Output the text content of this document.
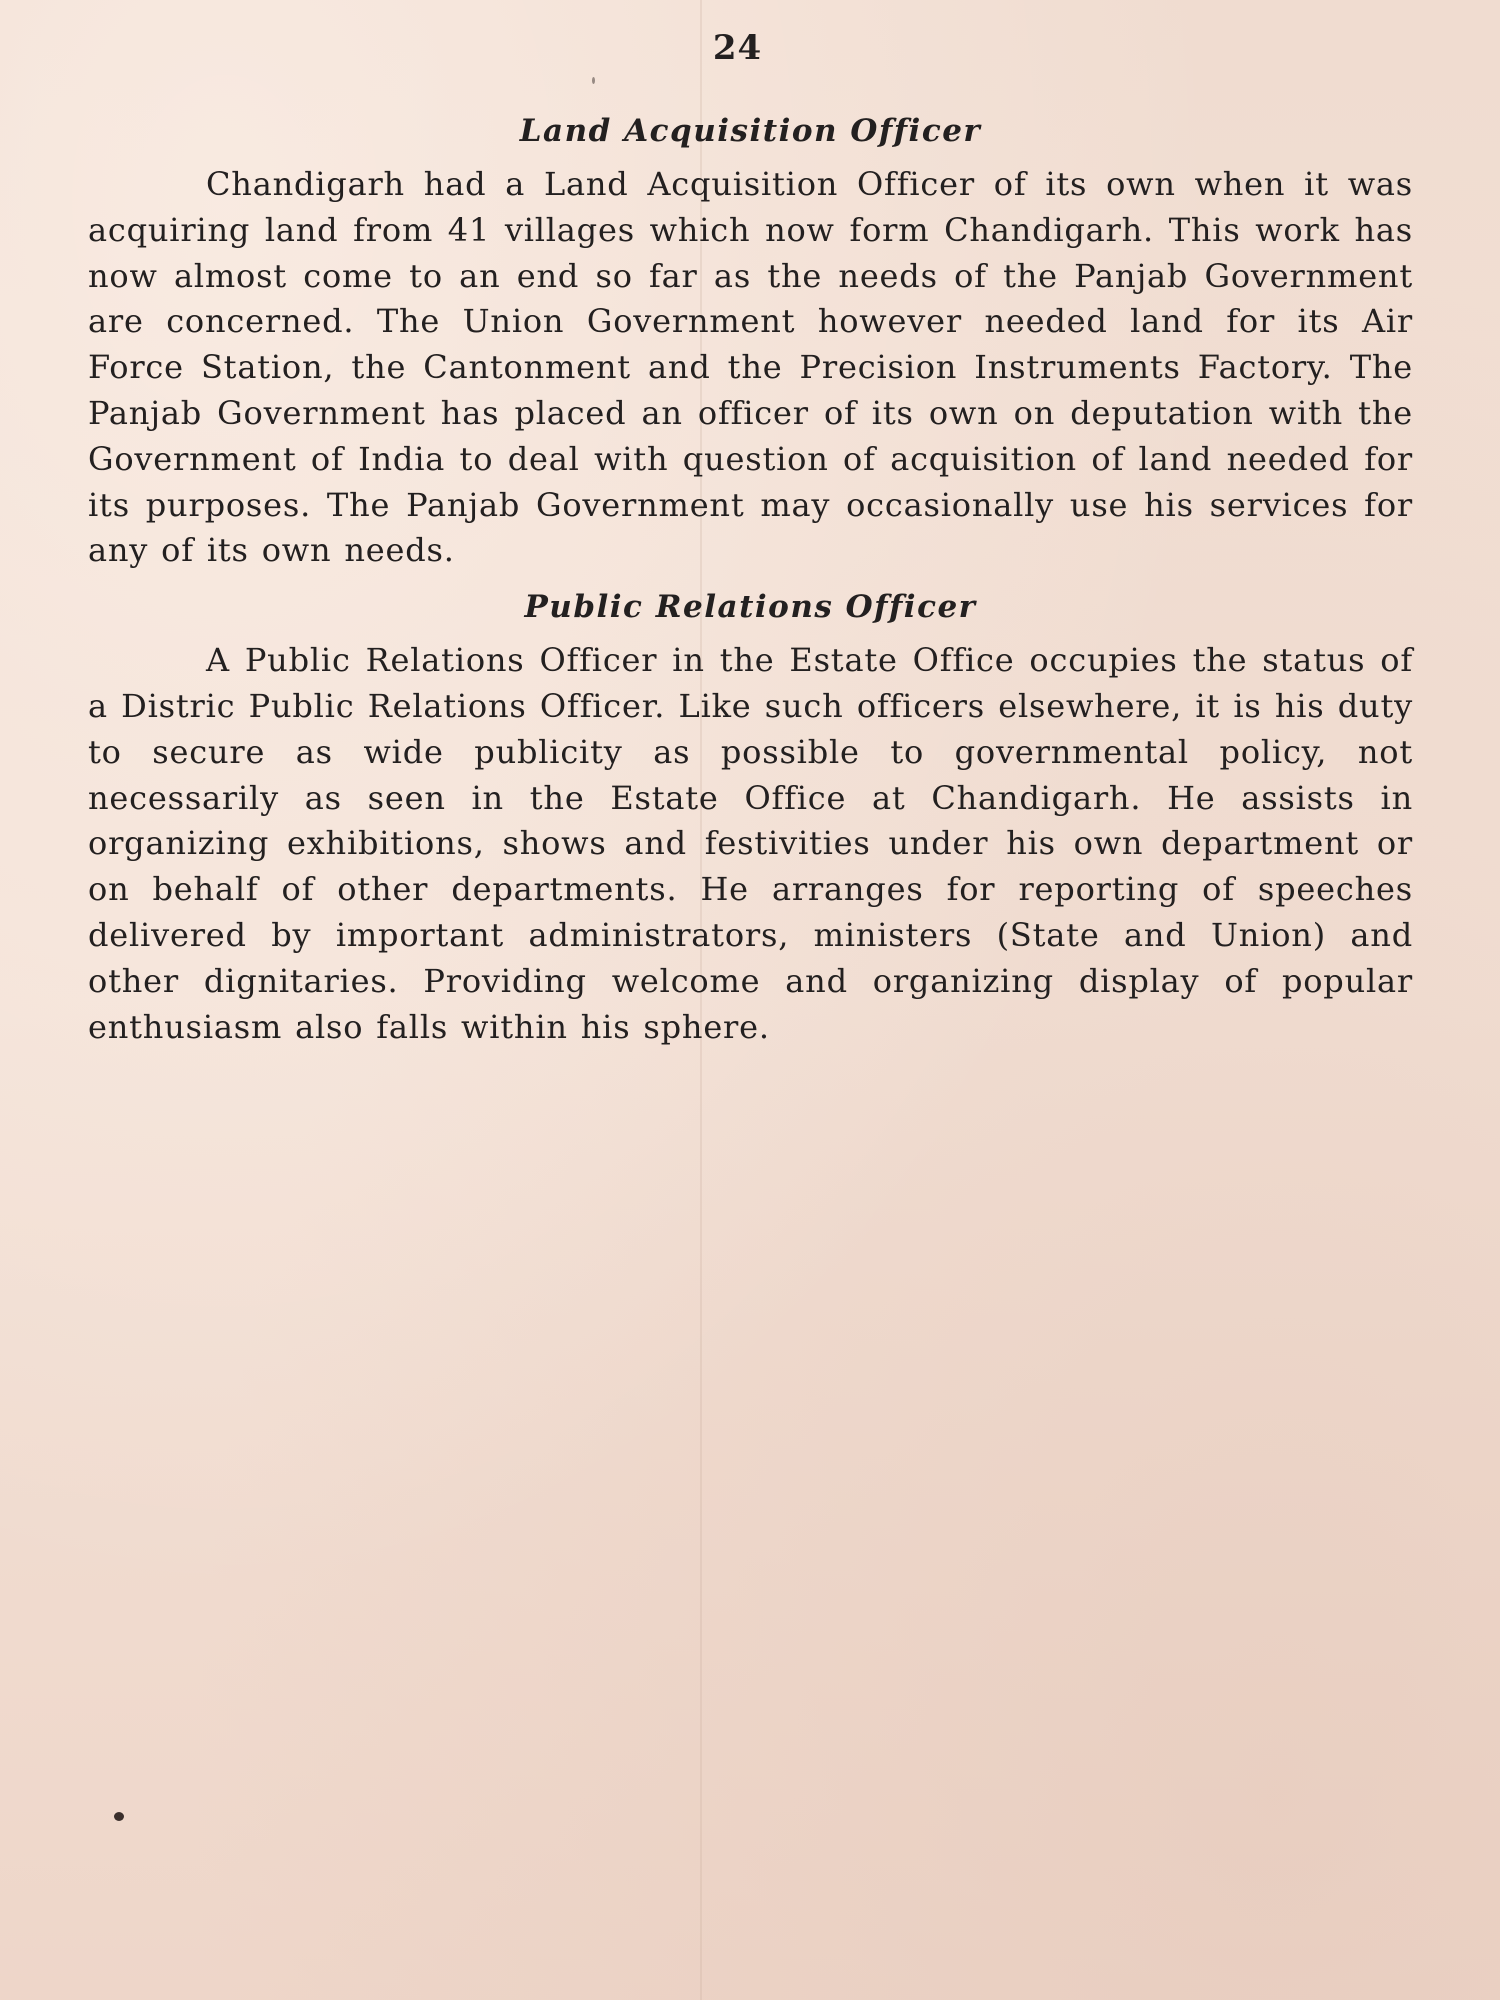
24
Land Acquisition Officer

Chandigarh had a Land Acquisition Officer of its own when it was acquiring land from 41 villages which now form Chandigarh. This work has now almost come to an end so far as the needs of the Panjab Government are concerned. The Union Government however needed land for its Air Force Station, the Cantonment and the Precision Instruments Factory. The Panjab Government has placed an officer of its own on deputation with the Government of India to deal with question of acquisition of land needed for its purposes. The Panjab Government may occasionally use his services for any of its own needs.

Public Relations Officer

A Public Relations Officer in the Estate Office occupies the status of a Distric Public Relations Officer. Like such officers elsewhere, it is his duty to secure as wide publicity as possible to governmental policy, not necessarily as seen in the Estate Office at Chandigarh. He assists in organizing exhibitions, shows and festivities under his own department or on behalf of other departments. He arranges for reporting of speeches delivered by important administrators, ministers (State and Union) and other dignitaries. Providing welcome and organizing display of popular enthusiasm also falls within his sphere.
